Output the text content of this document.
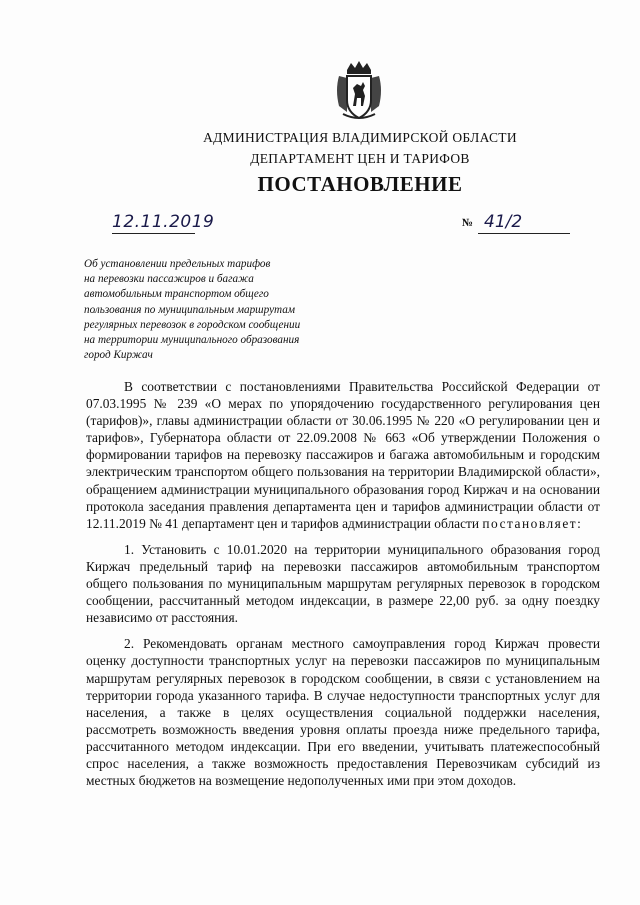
АДМИНИСТРАЦИЯ ВЛАДИМИРСКОЙ ОБЛАСТИ
ДЕПАРТАМЕНТ ЦЕН И ТАРИФОВ
ПОСТАНОВЛЕНИЕ
12.11.2019	№ 41/2
Об установлении предельных тарифов
на перевозки пассажиров и багажа
автомобильным транспортом общего
пользования по муниципальным маршрутам
регулярных перевозок в городском сообщении
на территории муниципального образования
город Киржач

В соответствии с постановлениями Правительства Российской Федерации от 07.03.1995 № 239 «О мерах по упорядочению государственного регулирования цен (тарифов)», главы администрации области от 30.06.1995 № 220 «О регулировании цен и тарифов», Губернатора области от 22.09.2008 № 663 «Об утверждении Положения о формировании тарифов на перевозку пассажиров и багажа автомобильным и городским электрическим транспортом общего пользования на территории Владимирской области», обращением администрации муниципального образования город Киржач и на основании протокола заседания правления департамента цен и тарифов администрации области от 12.11.2019 № 41 департамент цен и тарифов администрации области постановляет:

1. Установить с 10.01.2020 на территории муниципального образования город Киржач предельный тариф на перевозки пассажиров автомобильным транспортом общего пользования по муниципальным маршрутам регулярных перевозок в городском сообщении, рассчитанный методом индексации, в размере 22,00 руб. за одну поездку независимо от расстояния.

2. Рекомендовать органам местного самоуправления город Киржач провести оценку доступности транспортных услуг на перевозки пассажиров по муниципальным маршрутам регулярных перевозок в городском сообщении, в связи с установлением на территории города указанного тарифа. В случае недоступности транспортных услуг для населения, а также в целях осуществления социальной поддержки населения, рассмотреть возможность введения уровня оплаты проезда ниже предельного тарифа, рассчитанного методом индексации. При его введении, учитывать платежеспособный спрос населения, а также возможность предоставления Перевозчикам субсидий из местных бюджетов на возмещение недополученных ими при этом доходов.
